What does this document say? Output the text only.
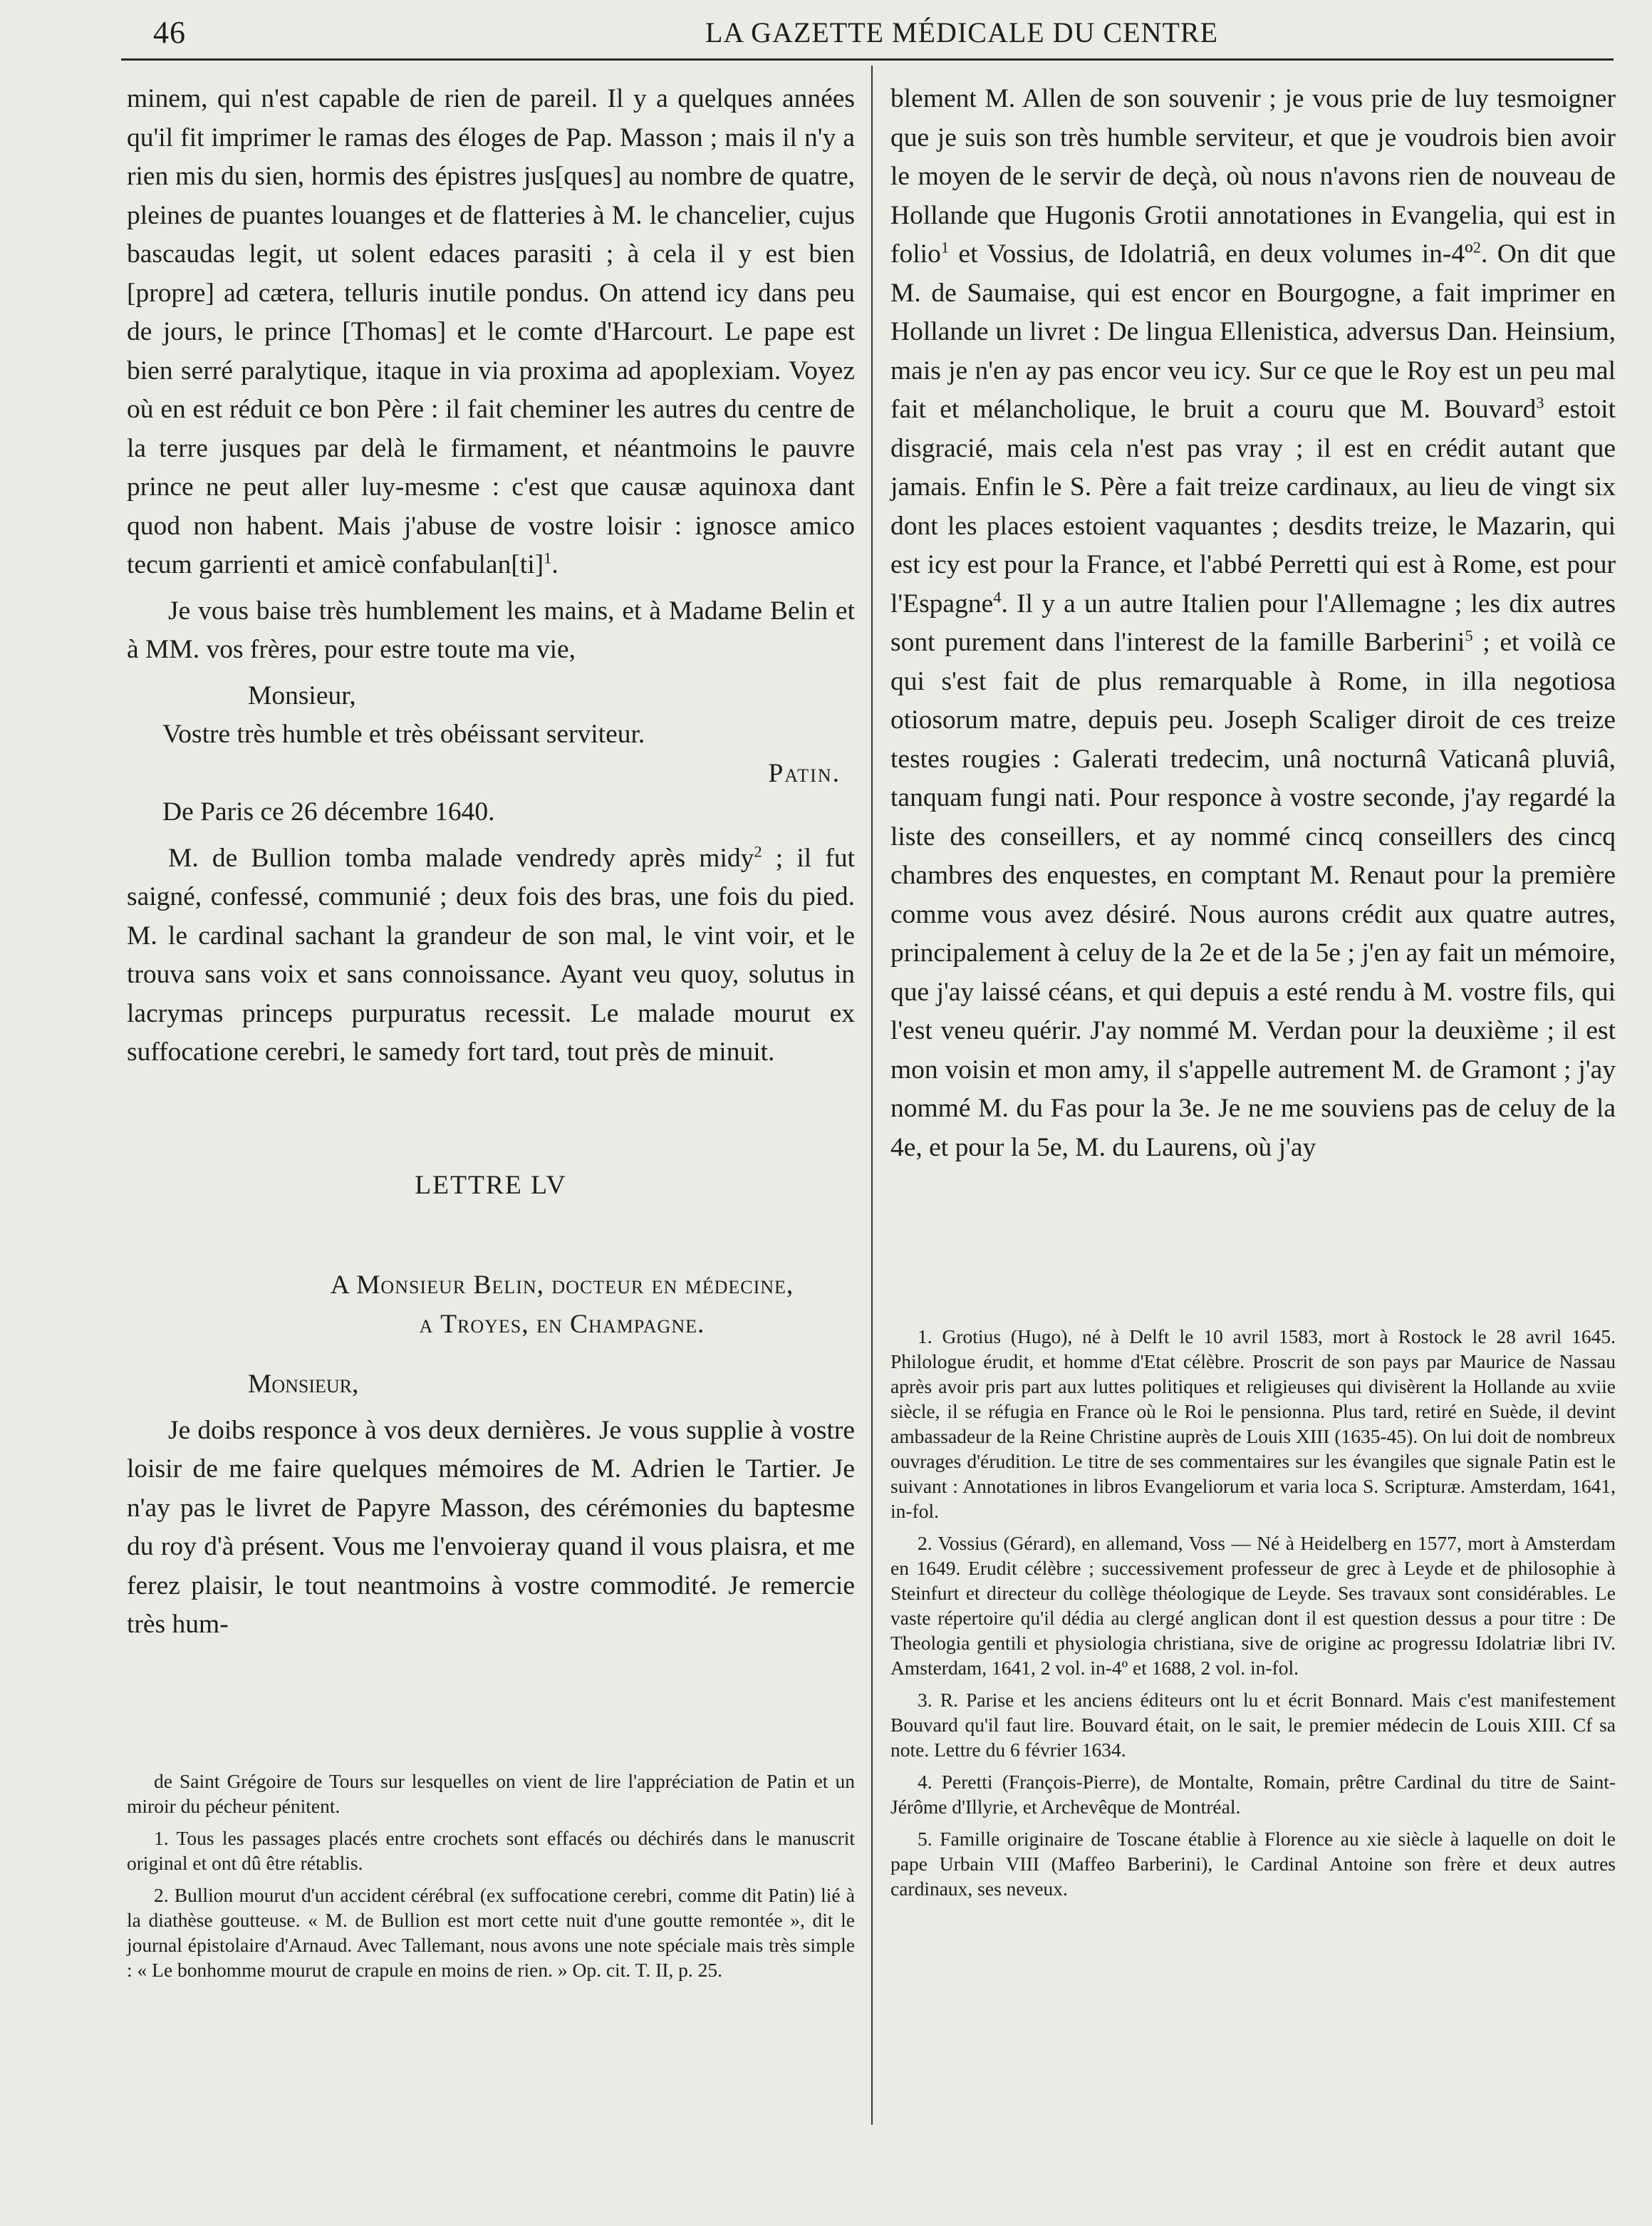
46	LA GAZETTE MÉDICALE DU CENTRE

minem, qui n'est capable de rien de pareil. Il y a quelques années qu'il fit imprimer le ramas des éloges de Pap. Masson ; mais il n'y a rien mis du sien, hormis des épistres jus[ques] au nombre de quatre, pleines de puantes louanges et de flatteries à M. le chancelier, cujus bascaudas legit, ut solent edaces parasiti ; à cela il y est bien [propre] ad cætera, telluris inutile pondus. On attend icy dans peu de jours, le prince [Thomas] et le comte d'Harcourt. Le pape est bien serré paralytique, itaque in via proxima ad apoplexiam. Voyez où en est réduit ce bon Père : il fait cheminer les autres du centre de la terre jusques par delà le firmament, et néantmoins le pauvre prince ne peut aller luy-mesme : c'est que causæ aquinoxa dant quod non habent. Mais j'abuse de vostre loisir : ignosce amico tecum garrienti et amicè confabulan[ti]$^1$.

Je vous baise très humblement les mains, et à Madame Belin et à MM. vos frères, pour estre toute ma vie,

Monsieur,

Vostre très humble et très obéissant serviteur.

Patin.

De Paris ce 26 décembre 1640.

M. de Bullion tomba malade vendredy après midy$^2$ ; il fut saigné, confessé, communié ; deux fois des bras, une fois du pied. M. le cardinal sachant la grandeur de son mal, le vint voir, et le trouva sans voix et sans connoissance. Ayant veu quoy, solutus in lacrymas princeps purpuratus recessit. Le malade mourut ex suffocatione cerebri, le samedy fort tard, tout près de minuit.

LETTRE LV

A Monsieur Belin, docteur en médecine,

a Troyes, en Champagne.

Monsieur,

Je doibs responce à vos deux dernières. Je vous supplie à vostre loisir de me faire quelques mémoires de M. Adrien le Tartier. Je n'ay pas le livret de Papyre Masson, des cérémonies du baptesme du roy d'à présent. Vous me l'envoieray quand il vous plaisra, et me ferez plaisir, le tout neantmoins à vostre commodité. Je remercie très hum-

de Saint Grégoire de Tours sur lesquelles on vient de lire l'appréciation de Patin et un miroir du pécheur pénitent.

1. Tous les passages placés entre crochets sont effacés ou déchirés dans le manuscrit original et ont dû être rétablis.

2. Bullion mourut d'un accident cérébral (ex suffocatione cerebri, comme dit Patin) lié à la diathèse goutteuse. « M. de Bullion est mort cette nuit d'une goutte remontée », dit le journal épistolaire d'Arnaud. Avec Tallemant, nous avons une note spéciale mais très simple : « Le bonhomme mourut de crapule en moins de rien. » Op. cit. T. II, p. 25.

blement M. Allen de son souvenir ; je vous prie de luy tesmoigner que je suis son très humble serviteur, et que je voudrois bien avoir le moyen de le servir de deçà, où nous n'avons rien de nouveau de Hollande que Hugonis Grotii annotationes in Evangelia, qui est in folio$^1$ et Vossius, de Idolatriâ, en deux volumes in-4º$^2$. On dit que M. de Saumaise, qui est encor en Bourgogne, a fait imprimer en Hollande un livret : De lingua Ellenistica, adversus Dan. Heinsium, mais je n'en ay pas encor veu icy. Sur ce que le Roy est un peu mal fait et mélancholique, le bruit a couru que M. Bouvard$^3$ estoit disgracié, mais cela n'est pas vray ; il est en crédit autant que jamais. Enfin le S. Père a fait treize cardinaux, au lieu de vingt six dont les places estoient vaquantes ; desdits treize, le Mazarin, qui est icy est pour la France, et l'abbé Perretti qui est à Rome, est pour l'Espagne$^4$. Il y a un autre Italien pour l'Allemagne ; les dix autres sont purement dans l'interest de la famille Barberini$^5$ ; et voilà ce qui s'est fait de plus remarquable à Rome, in illa negotiosa otiosorum matre, depuis peu. Joseph Scaliger diroit de ces treize testes rougies : Galerati tredecim, unâ nocturnâ Vaticanâ pluviâ, tanquam fungi nati. Pour responce à vostre seconde, j'ay regardé la liste des conseillers, et ay nommé cincq conseillers des cincq chambres des enquestes, en comptant M. Renaut pour la première comme vous avez désiré. Nous aurons crédit aux quatre autres, principalement à celuy de la 2e et de la 5e ; j'en ay fait un mémoire, que j'ay laissé céans, et qui depuis a esté rendu à M. vostre fils, qui l'est veneu quérir. J'ay nommé M. Verdan pour la deuxième ; il est mon voisin et mon amy, il s'appelle autrement M. de Gramont ; j'ay nommé M. du Fas pour la 3e. Je ne me souviens pas de celuy de la 4e, et pour la 5e, M. du Laurens, où j'ay

1. Grotius (Hugo), né à Delft le 10 avril 1583, mort à Rostock le 28 avril 1645. Philologue érudit, et homme d'Etat célèbre. Proscrit de son pays par Maurice de Nassau après avoir pris part aux luttes politiques et religieuses qui divisèrent la Hollande au xviie siècle, il se réfugia en France où le Roi le pensionna. Plus tard, retiré en Suède, il devint ambassadeur de la Reine Christine auprès de Louis XIII (1635-45). On lui doit de nombreux ouvrages d'érudition. Le titre de ses commentaires sur les évangiles que signale Patin est le suivant : Annotationes in libros Evangeliorum et varia loca S. Scripturæ. Amsterdam, 1641, in-fol.

2. Vossius (Gérard), en allemand, Voss — Né à Heidelberg en 1577, mort à Amsterdam en 1649. Erudit célèbre ; successivement professeur de grec à Leyde et de philosophie à Steinfurt et directeur du collège théologique de Leyde. Ses travaux sont considérables. Le vaste répertoire qu'il dédia au clergé anglican dont il est question dessus a pour titre : De Theologia gentili et physiologia christiana, sive de origine ac progressu Idolatriæ libri IV. Amsterdam, 1641, 2 vol. in-4º et 1688, 2 vol. in-fol.

3. R. Parise et les anciens éditeurs ont lu et écrit Bonnard. Mais c'est manifestement Bouvard qu'il faut lire. Bouvard était, on le sait, le premier médecin de Louis XIII. Cf sa note. Lettre du 6 février 1634.

4. Peretti (François-Pierre), de Montalte, Romain, prêtre Cardinal du titre de Saint-Jérôme d'Illyrie, et Archevêque de Montréal.

5. Famille originaire de Toscane établie à Florence au xie siècle à laquelle on doit le pape Urbain VIII (Maffeo Barberini), le Cardinal Antoine son frère et deux autres cardinaux, ses neveux.
